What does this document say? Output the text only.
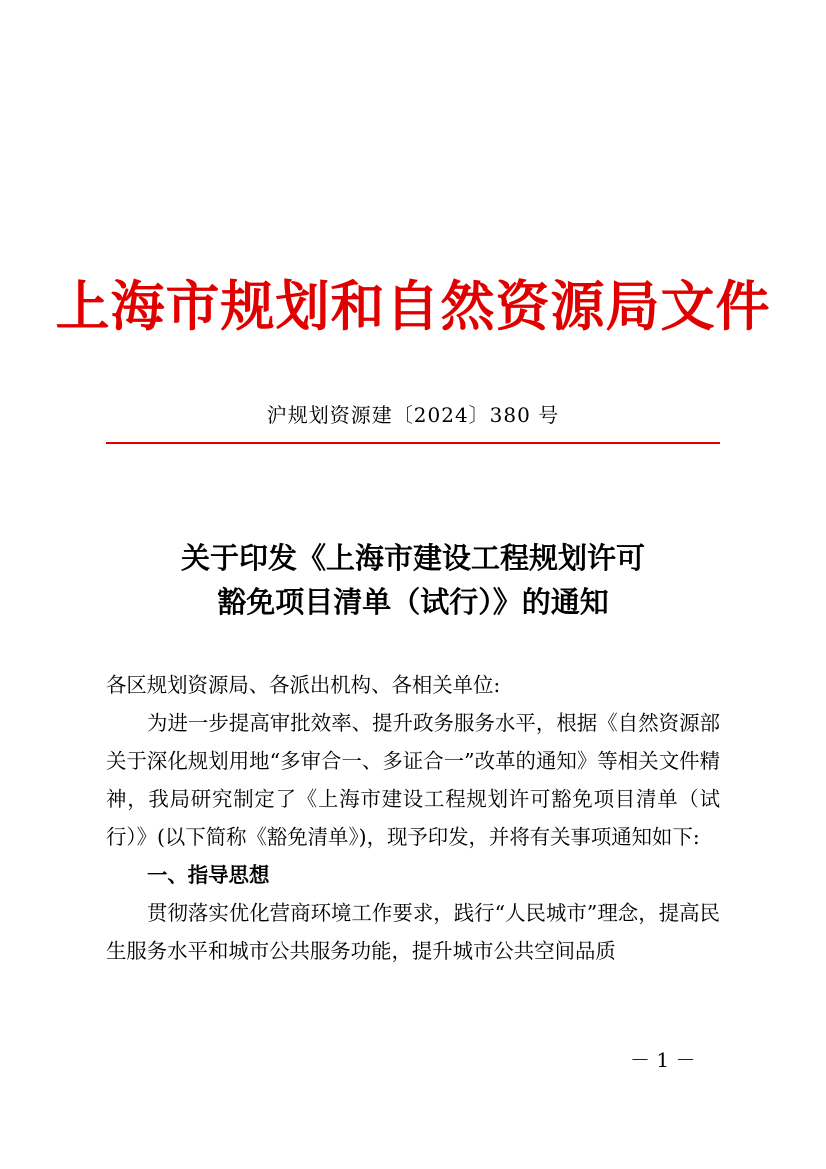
上海市规划和自然资源局文件
沪规划资源建〔2024〕380 号
关于印发《上海市建设工程规划许可
豁免项目清单（试行）》的通知

各区规划资源局、各派出机构、各相关单位:

为进一步提高审批效率、提升政务服务水平，根据《自然资源部关于深化规划用地“多审合一、多证合一”改革的通知》等相关文件精神，我局研究制定了《上海市建设工程规划许可豁免项目清单（试行）》(以下简称《豁免清单》)，现予印发，并将有关事项通知如下:

一、指导思想

贯彻落实优化营商环境工作要求，践行“人民城市”理念，提高民生服务水平和城市公共服务功能，提升城市公共空间品质

－ 1 －
